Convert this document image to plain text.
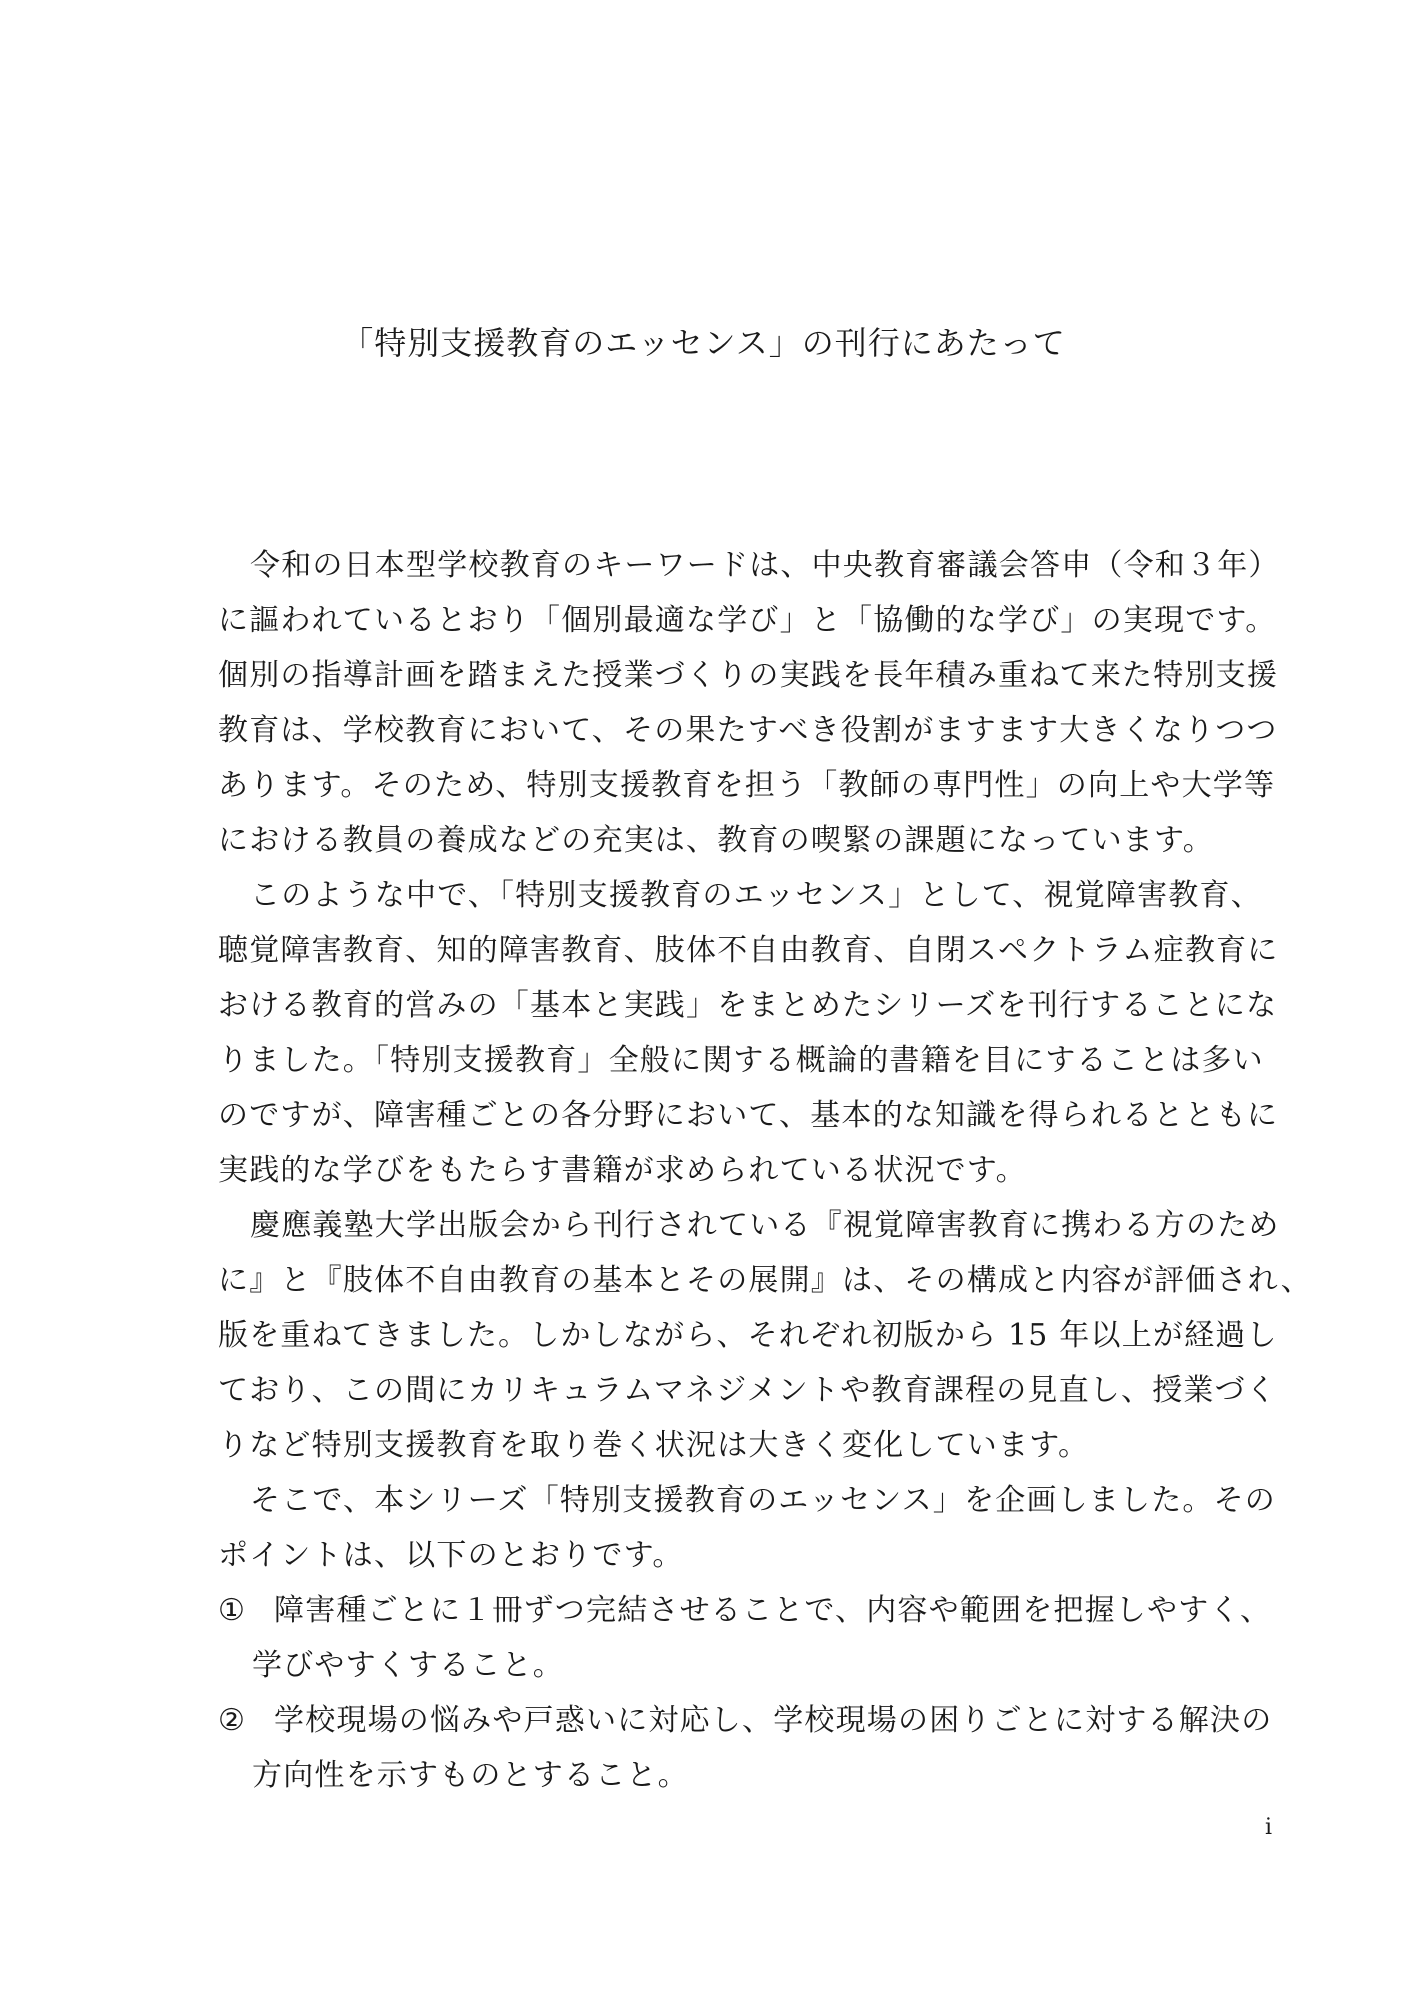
「特別支援教育のエッセンス」の刊行にあたって
令和の日本型学校教育のキーワードは、中央教育審議会答申（令和３年）
に謳われているとおり「個別最適な学び」と「協働的な学び」の実現です。
個別の指導計画を踏まえた授業づくりの実践を長年積み重ねて来た特別支援
教育は、学校教育において、その果たすべき役割がますます大きくなりつつ
あります。そのため、特別支援教育を担う「教師の専門性」の向上や大学等
における教員の養成などの充実は、教育の喫緊の課題になっています。
このような中で、「特別支援教育のエッセンス」として、視覚障害教育、
聴覚障害教育、知的障害教育、肢体不自由教育、自閉スペクトラム症教育に
おける教育的営みの「基本と実践」をまとめたシリーズを刊行することにな
りました。「特別支援教育」全般に関する概論的書籍を目にすることは多い
のですが、障害種ごとの各分野において、基本的な知識を得られるとともに
実践的な学びをもたらす書籍が求められている状況です。
慶應義塾大学出版会から刊行されている『視覚障害教育に携わる方のため
に』と『肢体不自由教育の基本とその展開』は、その構成と内容が評価され、
版を重ねてきました。しかしながら、それぞれ初版から 15 年以上が経過し
ており、この間にカリキュラムマネジメントや教育課程の見直し、授業づく
りなど特別支援教育を取り巻く状況は大きく変化しています。
そこで、本シリーズ「特別支援教育のエッセンス」を企画しました。その
ポイントは、以下のとおりです。
① 障害種ごとに１冊ずつ完結させることで、内容や範囲を把握しやすく、
学びやすくすること。
② 学校現場の悩みや戸惑いに対応し、学校現場の困りごとに対する解決の
方向性を示すものとすること。
i
